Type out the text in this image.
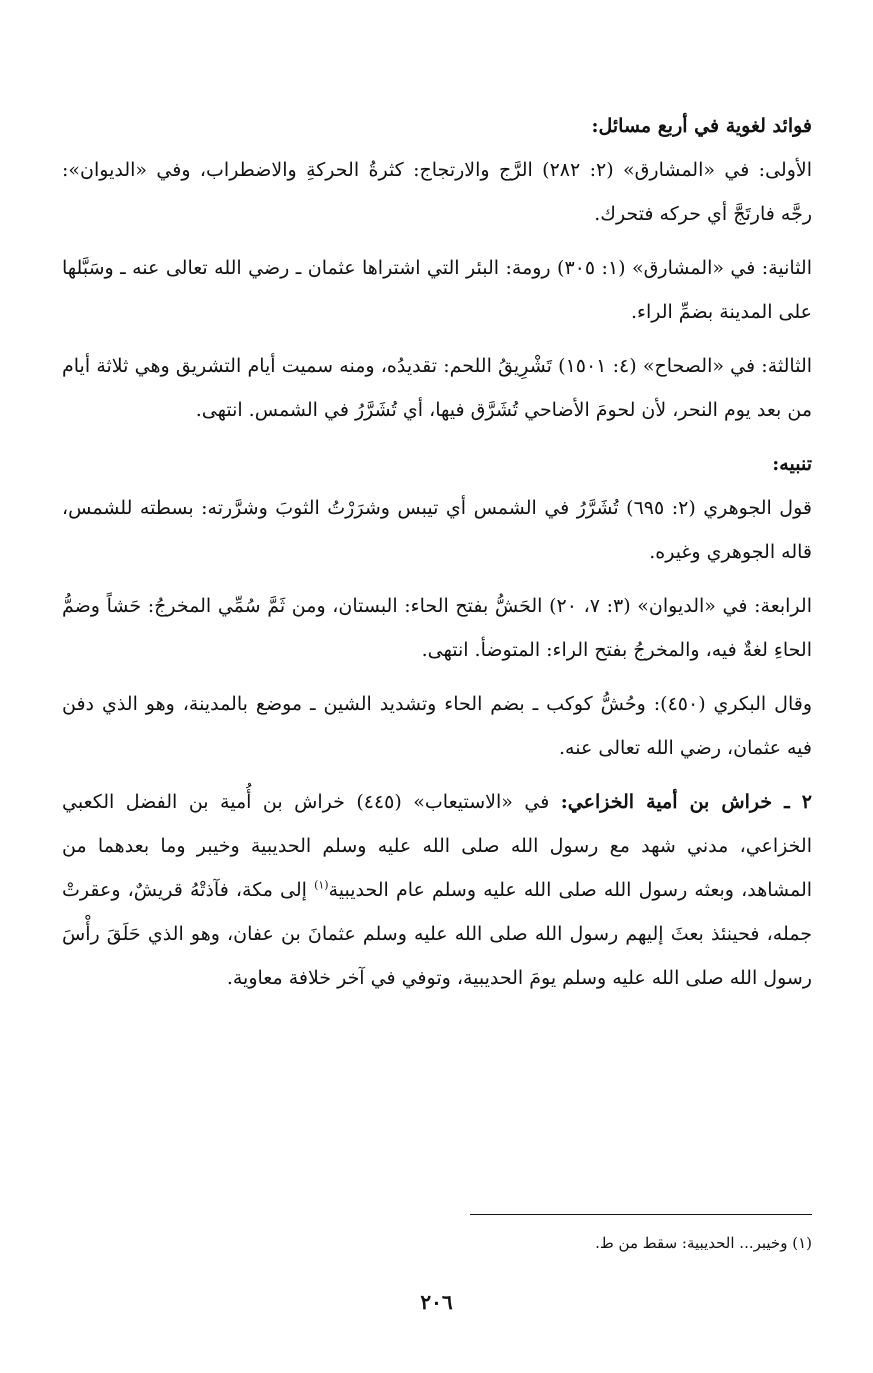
فوائد لغوية في أربع مسائل:

الأولى: في «المشارق» (٢: ٢٨٢) الرَّج والارتجاج: كثرةُ الحركةِ والاضطراب، وفي «الديوان»: رجَّه فارتَجَّ أي حركه فتحرك.

الثانية: في «المشارق» (١: ٣٠٥) رومة: البئر التي اشتراها عثمان ـ رضي الله تعالى عنه ـ وسَبَّلها على المدينة بضمِّ الراء.

الثالثة: في «الصحاح» (٤: ١٥٠١) تَشْرِيقُ اللحم: تقديدُه، ومنه سميت أيام التشريق وهي ثلاثة أيام من بعد يوم النحر، لأن لحومَ الأضاحي تُشَرَّق فيها، أي تُشَرَّرُ في الشمس. انتهى.

تنبيه:

قول الجوهري (٢: ٦٩٥) تُشَرَّرُ في الشمس أي تيبس وشرَرْتُ الثوبَ وشرَّرته: بسطته للشمس، قاله الجوهري وغيره.

الرابعة: في «الديوان» (٣: ٧، ٢٠) الحَشُّ بفتح الحاء: البستان، ومن ثَمَّ سُمِّي المخرجُ: حَشاً وضمُّ الحاءِ لغةٌ فيه، والمخرجُ بفتح الراء: المتوضأ. انتهى.

وقال البكري (٤٥٠): وحُشُّ كوكب ـ بضم الحاء وتشديد الشين ـ موضع بالمدينة، وهو الذي دفن فيه عثمان، رضي الله تعالى عنه.

٢ ـ خراش بن أمية الخزاعي: في «الاستيعاب» (٤٤٥) خراش بن أُمية بن الفضل الكعبي الخزاعي، مدني شهد مع رسول الله صلى الله عليه وسلم الحديبية وخيبر وما بعدهما من المشاهد، وبعثه رسول الله صلى الله عليه وسلم عام الحديبية$^{(١)}$ إلى مكة، فآذتْهُ قريشٌ، وعقرتْ جمله، فحينئذ بعثَ إليهم رسول الله صلى الله عليه وسلم عثمانَ بن عفان، وهو الذي حَلَقَ رأْسَ رسول الله صلى الله عليه وسلم يومَ الحديبية، وتوفي في آخر خلافة معاوية.

(١) وخيبر... الحديبية: سقط من ط.
٢٠٦
